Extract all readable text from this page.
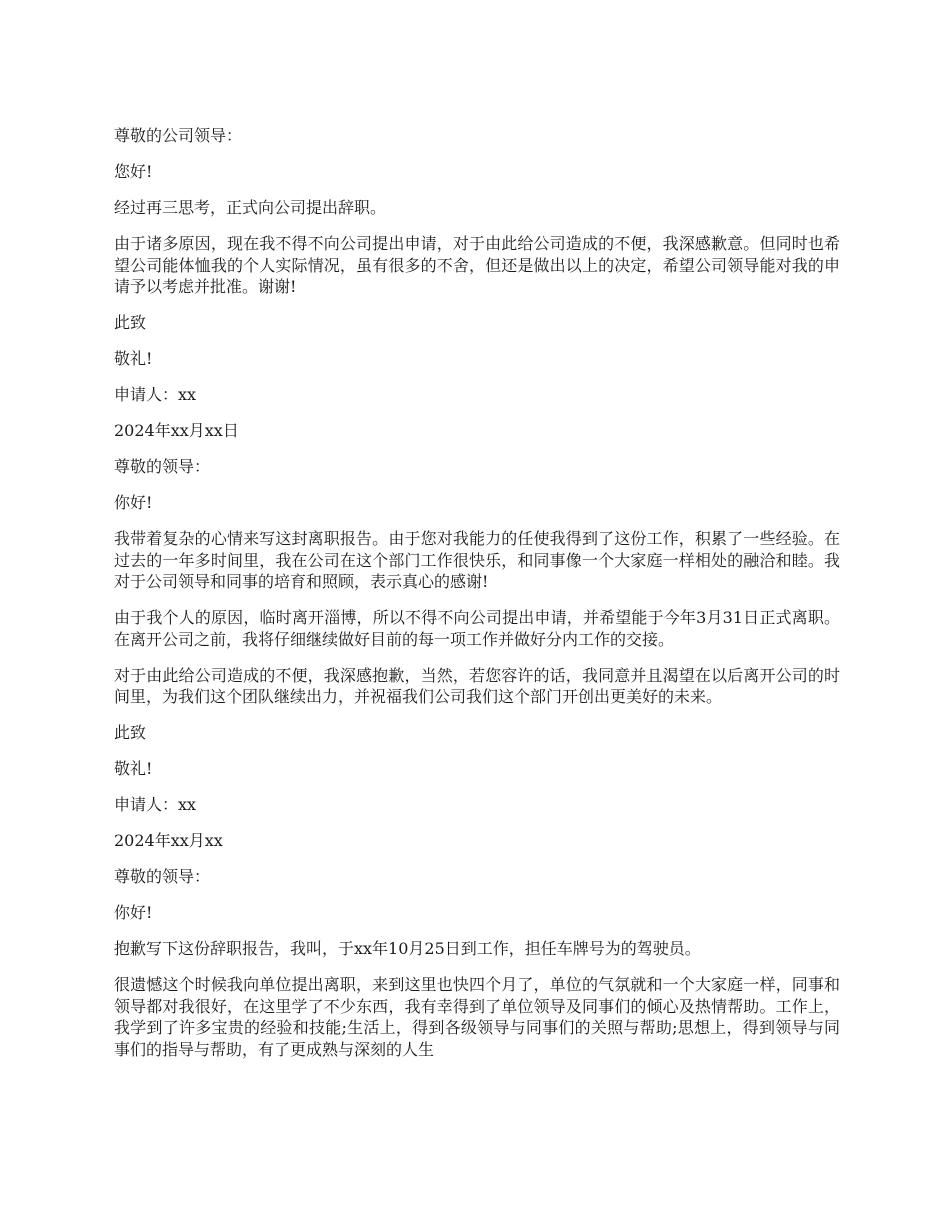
尊敬的公司领导：

您好!

经过再三思考，正式向公司提出辞职。

由于诸多原因，现在我不得不向公司提出申请，对于由此给公司造成的不便，我深感歉意。但同时也希望公司能体恤我的个人实际情况，虽有很多的不舍，但还是做出以上的决定，希望公司领导能对我的申请予以考虑并批准。谢谢!

此致

敬礼!

申请人：xx

2024年xx月xx日

尊敬的领导：

你好!

我带着复杂的心情来写这封离职报告。由于您对我能力的任使我得到了这份工作，积累了一些经验。在过去的一年多时间里，我在公司在这个部门工作很快乐，和同事像一个大家庭一样相处的融洽和睦。我对于公司领导和同事的培育和照顾，表示真心的感谢!

由于我个人的原因，临时离开淄博，所以不得不向公司提出申请，并希望能于今年3月31日正式离职。在离开公司之前，我将仔细继续做好目前的每一项工作并做好分内工作的交接。

对于由此给公司造成的不便，我深感抱歉，当然，若您容许的话，我同意并且渴望在以后离开公司的时间里，为我们这个团队继续出力，并祝福我们公司我们这个部门开创出更美好的未来。

此致

敬礼!

申请人：xx

2024年xx月xx

尊敬的领导：

你好!

抱歉写下这份辞职报告，我叫，于xx年10月25日到工作，担任车牌号为的驾驶员。

很遗憾这个时候我向单位提出离职，来到这里也快四个月了，单位的气氛就和一个大家庭一样，同事和领导都对我很好，在这里学了不少东西，我有幸得到了单位领导及同事们的倾心及热情帮助。工作上，我学到了许多宝贵的经验和技能;生活上，得到各级领导与同事们的关照与帮助;思想上，得到领导与同事们的指导与帮助，有了更成熟与深刻的人生
